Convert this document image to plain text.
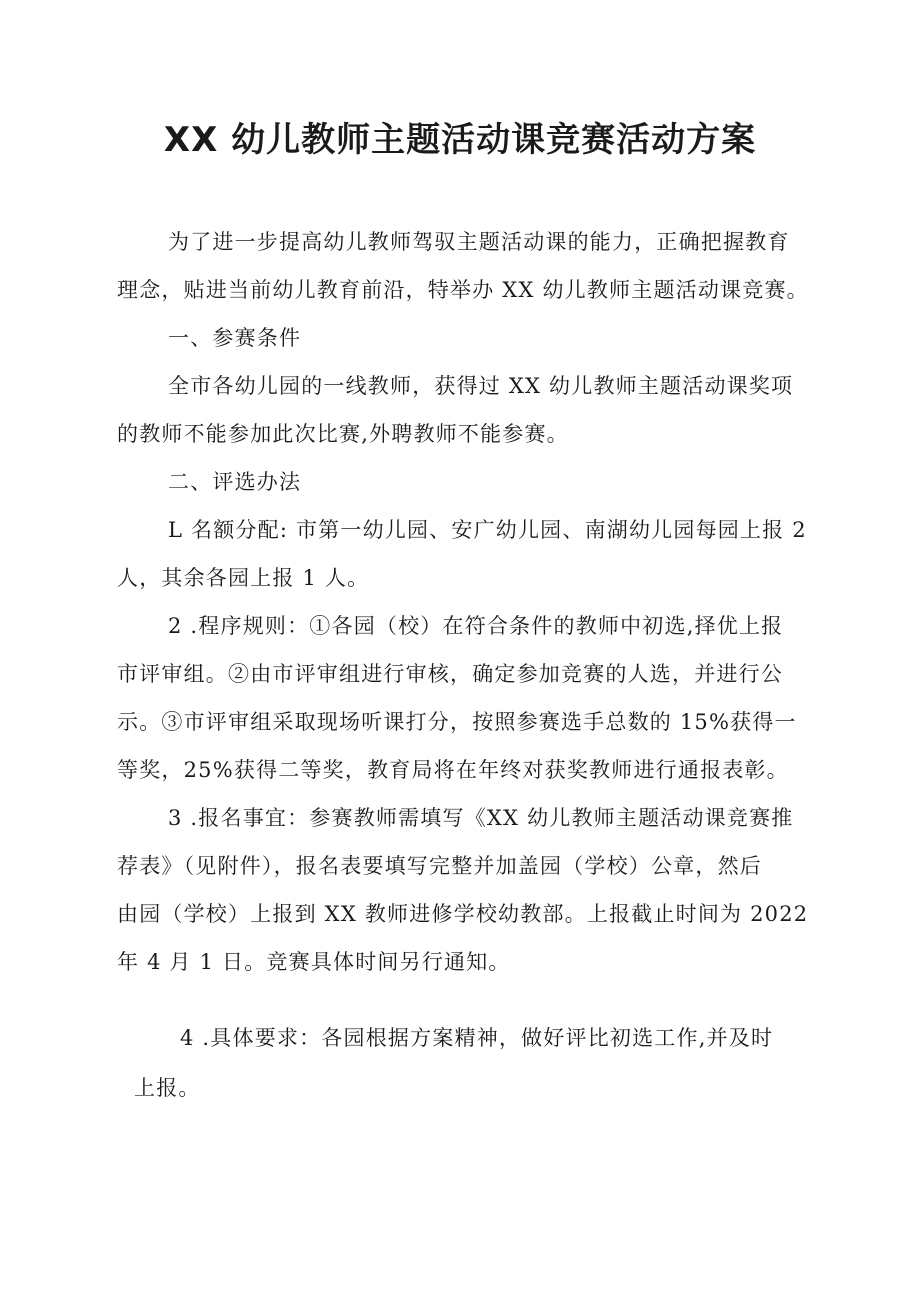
XX 幼儿教师主题活动课竞赛活动方案

为了进一步提高幼儿教师驾驭主题活动课的能力，正确把握教育

理念，贴进当前幼儿教育前沿，特举办 XX 幼儿教师主题活动课竞赛。

一、参赛条件

全市各幼儿园的一线教师，获得过 XX 幼儿教师主题活动课奖项

的教师不能参加此次比赛,外聘教师不能参赛。

二、评选办法

L 名额分配: 市第一幼儿园、安广幼儿园、南湖幼儿园每园上报 2

人，其余各园上报 1 人。

2 .程序规则：①各园（校）在符合条件的教师中初选,择优上报

市评审组。②由市评审组进行审核，确定参加竞赛的人选，并进行公

示。③市评审组采取现场听课打分，按照参赛选手总数的 15%获得一

等奖，25%获得二等奖，教育局将在年终对获奖教师进行通报表彰。

3 .报名事宜：参赛教师需填写《XX 幼儿教师主题活动课竞赛推

荐表》（见附件），报名表要填写完整并加盖园（学校）公章，然后

由园（学校）上报到 XX 教师进修学校幼教部。上报截止时间为 2022

年 4 月 1 日。竞赛具体时间另行通知。

4 .具体要求：各园根据方案精神，做好评比初选工作,并及时

上报。
